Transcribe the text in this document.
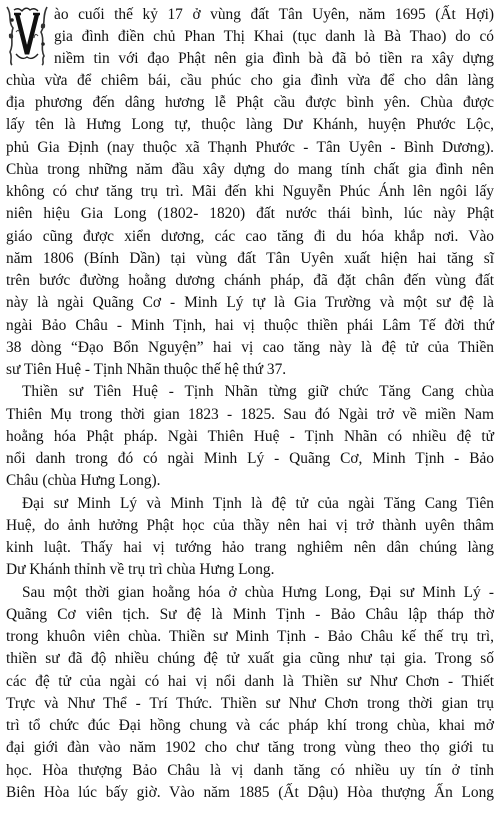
V
ào cuối thế kỷ 17 ở vùng đất Tân Uyên, năm 1695 (Ất Hợi)
gia đình điền chủ Phan Thị Khai (tục danh là Bà Thao) do có
niềm tin với đạo Phật nên gia đình bà đã bỏ tiền ra xây dựng
chùa vừa để chiêm bái, cầu phúc cho gia đình vừa để cho dân làng
địa phương đến dâng hương lễ Phật cầu được bình yên. Chùa được
lấy tên là Hưng Long tự, thuộc làng Dư Khánh, huyện Phước Lộc,
phủ Gia Định (nay thuộc xã Thạnh Phước - Tân Uyên - Bình Dương).
Chùa trong những năm đầu xây dựng do mang tính chất gia đình nên
không có chư tăng trụ trì. Mãi đến khi Nguyễn Phúc Ánh lên ngôi lấy
niên hiệu Gia Long (1802- 1820) đất nước thái bình, lúc này Phật
giáo cũng được xiển dương, các cao tăng đi du hóa khắp nơi. Vào
năm 1806 (Bính Dần) tại vùng đất Tân Uyên xuất hiện hai tăng sĩ
trên bước đường hoằng dương chánh pháp, đã đặt chân đến vùng đất
này là ngài Quãng Cơ - Minh Lý tự là Gia Trường và một sư đệ là
ngài Bảo Châu - Minh Tịnh, hai vị thuộc thiền phái Lâm Tế đời thứ
38 dòng “Đạo Bổn Nguyện” hai vị cao tăng này là đệ tử của Thiền
sư Tiên Huệ - Tịnh Nhãn thuộc thế hệ thứ 37.
Thiền sư Tiên Huệ - Tịnh Nhãn từng giữ chức Tăng Cang chùa
Thiên Mụ trong thời gian 1823 - 1825. Sau đó Ngài trở về miền Nam
hoằng hóa Phật pháp. Ngài Thiên Huệ - Tịnh Nhãn có nhiều đệ tử
nổi danh trong đó có ngài Minh Lý - Quãng Cơ, Minh Tịnh - Bảo
Châu (chùa Hưng Long).
Đại sư Minh Lý và Minh Tịnh là đệ tử của ngài Tăng Cang Tiên
Huệ, do ảnh hưởng Phật học của thầy nên hai vị trở thành uyên thâm
kinh luật. Thấy hai vị tướng hảo trang nghiêm nên dân chúng làng
Dư Khánh thỉnh về trụ trì chùa Hưng Long.
Sau một thời gian hoằng hóa ở chùa Hưng Long, Đại sư Minh Lý -
Quãng Cơ viên tịch. Sư đệ là Minh Tịnh - Bảo Châu lập tháp thờ
trong khuôn viên chùa. Thiền sư Minh Tịnh - Bảo Châu kế thế trụ trì,
thiền sư đã độ nhiều chúng đệ tử xuất gia cũng như tại gia. Trong số
các đệ tử của ngài có hai vị nổi danh là Thiền sư Như Chơn - Thiết
Trực và Như Thể - Trí Thức. Thiền sư Như Chơn trong thời gian trụ
trì tổ chức đúc Đại hồng chung và các pháp khí trong chùa, khai mở
đại giới đàn vào năm 1902 cho chư tăng trong vùng theo thọ giới tu
học. Hòa thượng Bảo Châu là vị danh tăng có nhiều uy tín ở tỉnh
Biên Hòa lúc bấy giờ. Vào năm 1885 (Ất Dậu) Hòa thượng Ấn Long
